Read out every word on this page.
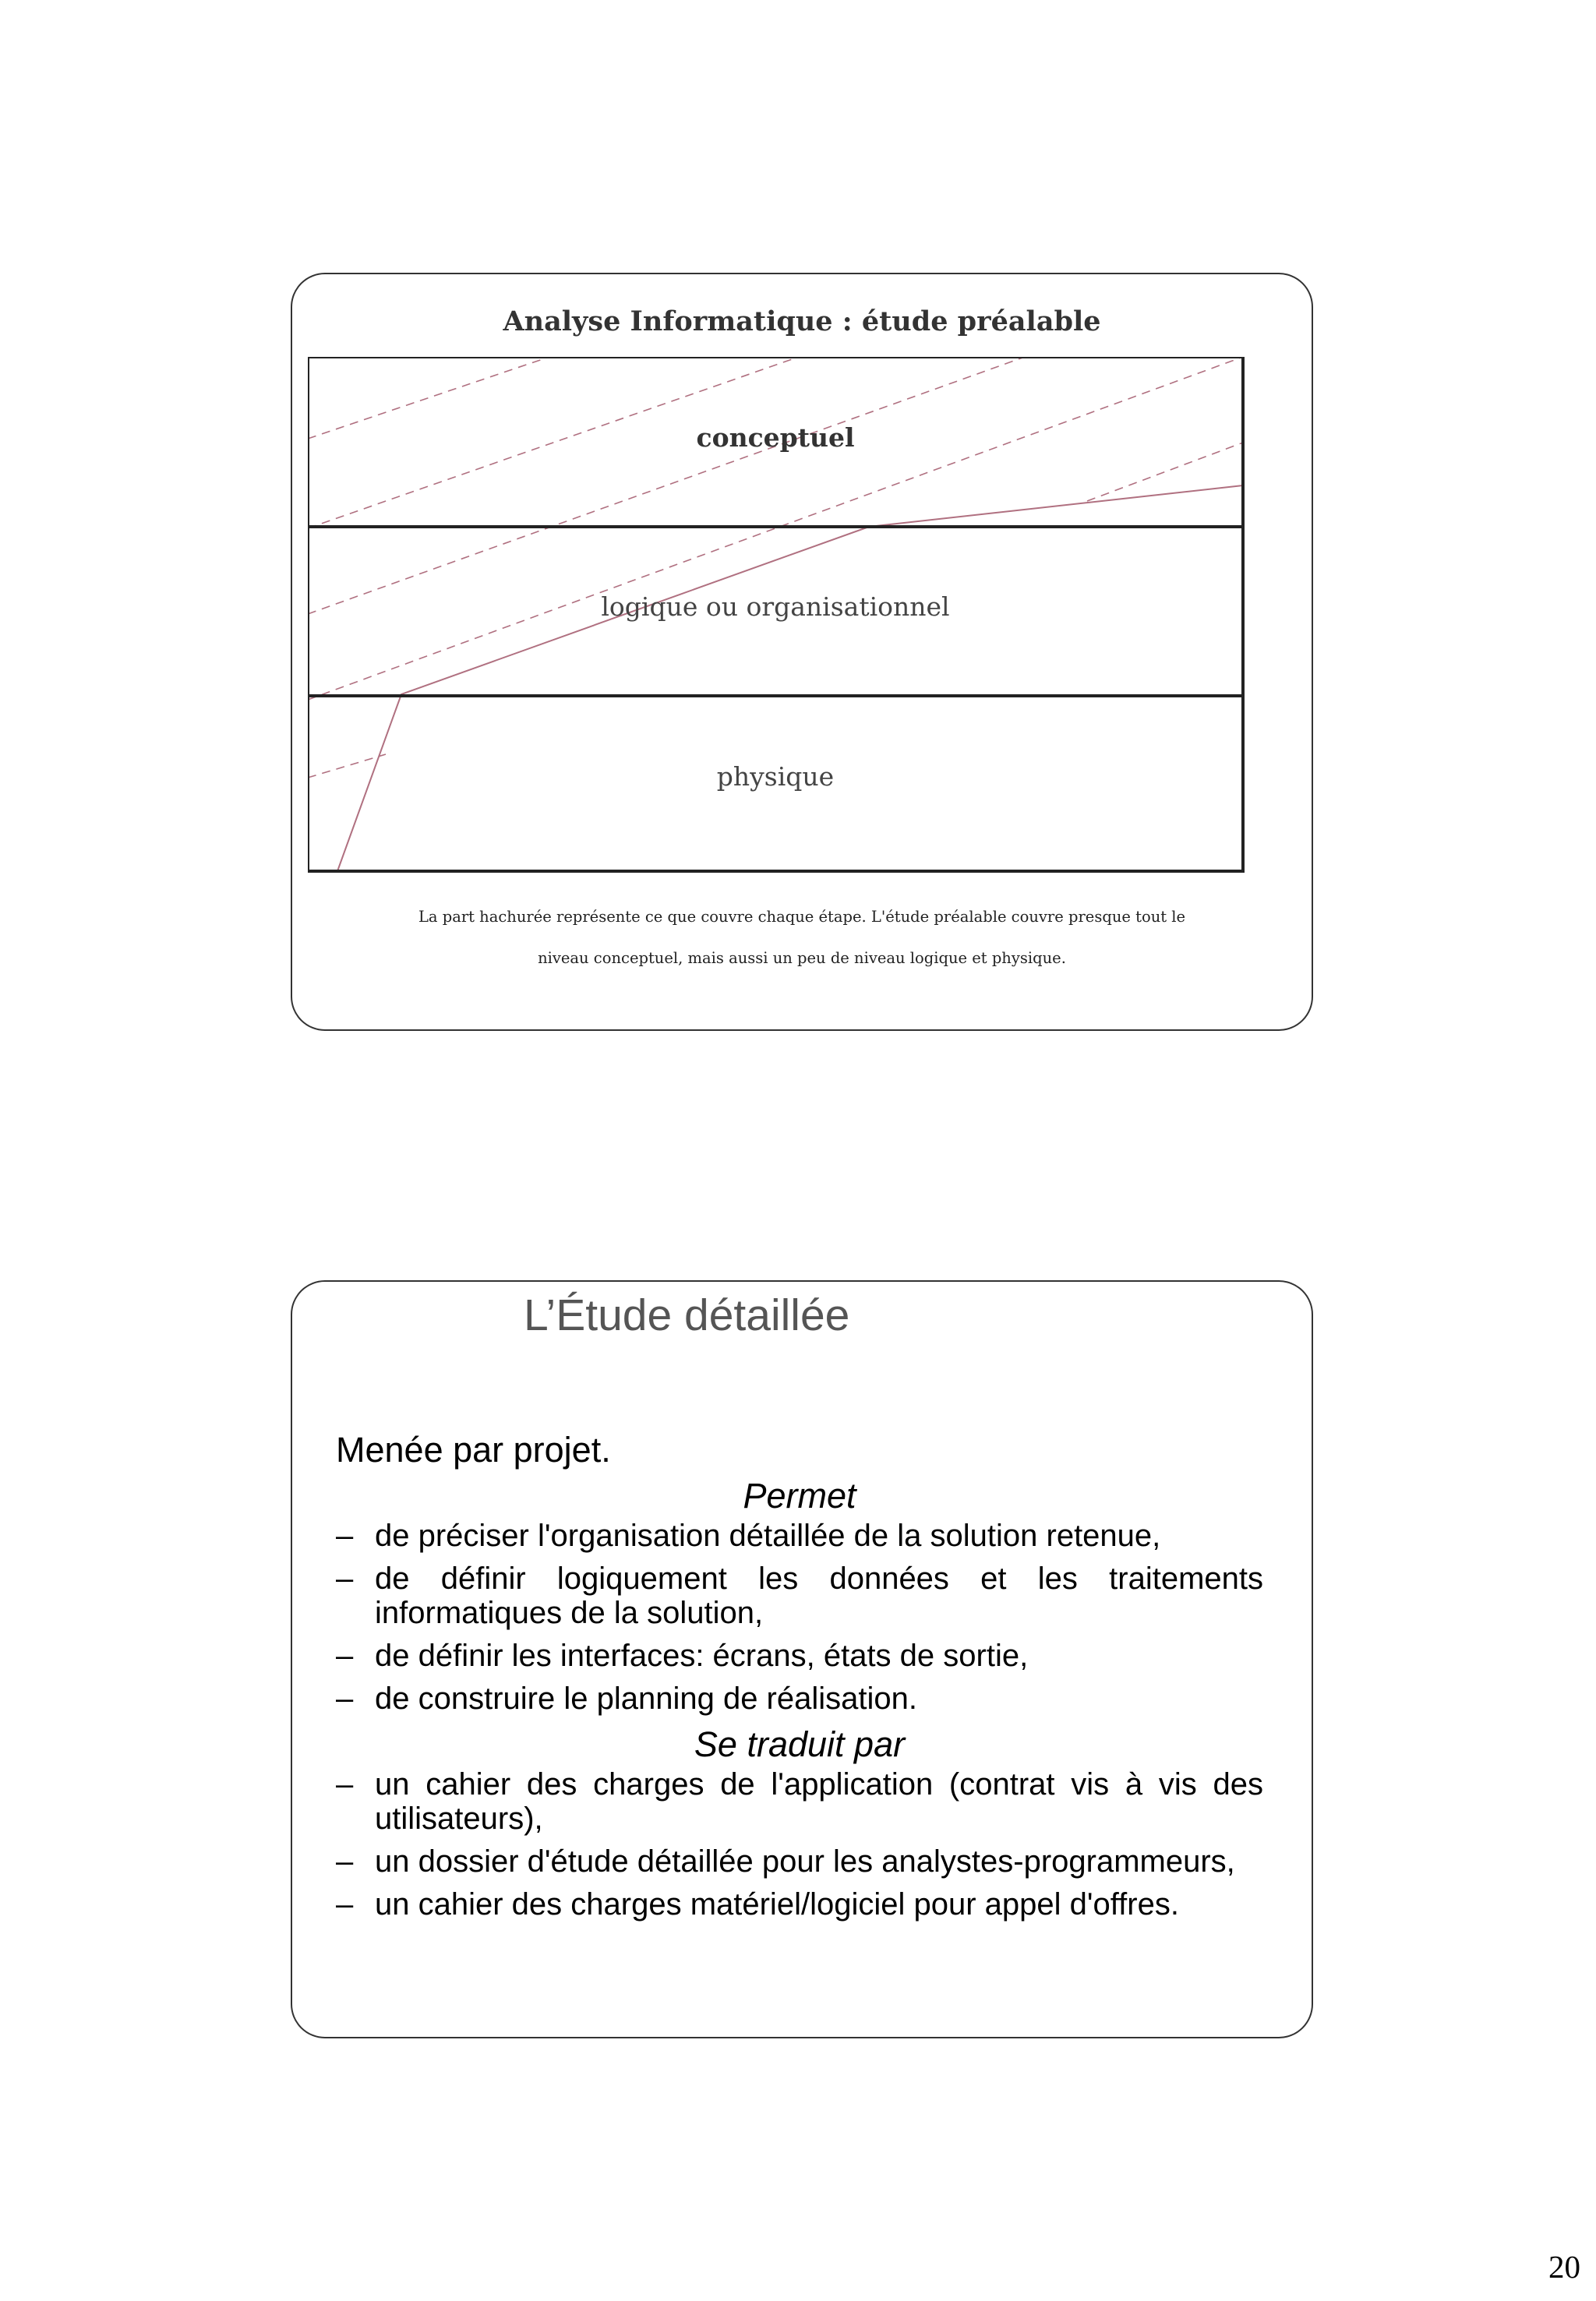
Analyse Informatique : étude préalable
conceptuel
logique ou organisationnel
physique
La part hachurée représente ce que couvre chaque étape. L'étude préalable couvre presque tout le
niveau conceptuel, mais aussi un peu de niveau logique et physique.
L’Étude détaillée

Menée par projet.

Permet

– de préciser l'organisation détaillée de la solution retenue,
– de définir logiquement les données et les traitements informatiques de la solution,
– de définir les interfaces: écrans, états de sortie,
– de construire le planning de réalisation.

Se traduit par

– un cahier des charges de l'application (contrat vis à vis des utilisateurs),
– un dossier d'étude détaillée pour les analystes-programmeurs,
– un cahier des charges matériel/logiciel pour appel d'offres.
20
